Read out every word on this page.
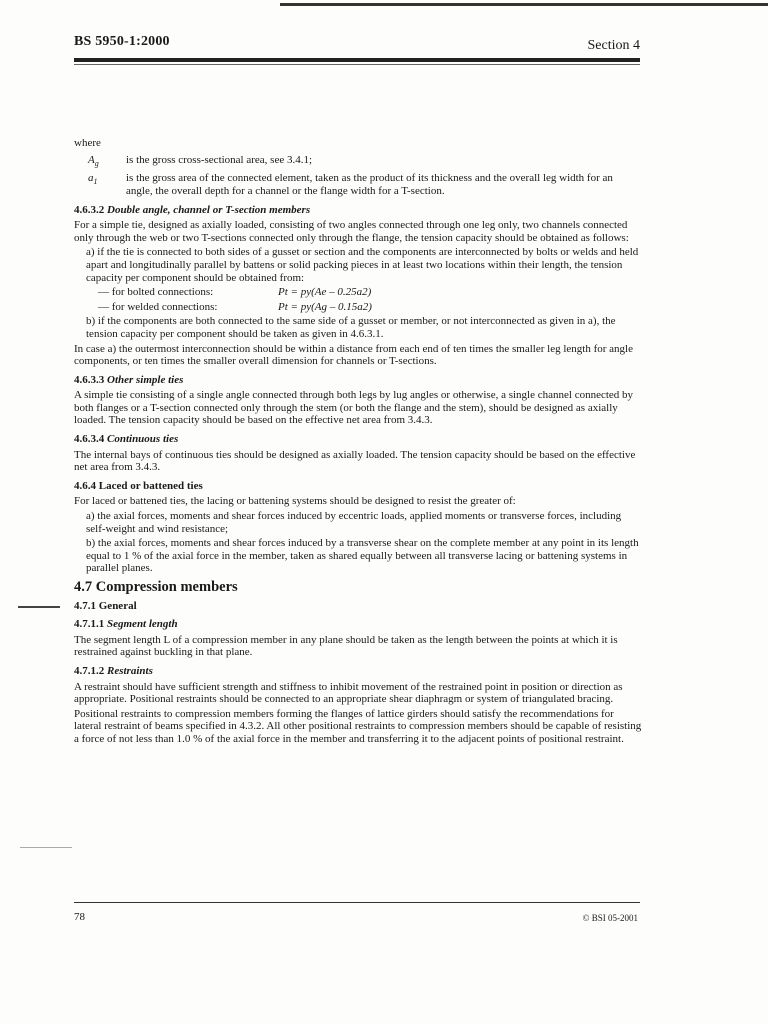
BS 5950-1:2000	Section 4

where

$A_g$	is the gross cross-sectional area, see 3.4.1;
$a_1$	is the gross area of the connected element, taken as the product of its thickness and the overall leg width for an angle, the overall depth for a channel or the flange width for a T-section.
4.6.3.2 Double angle, channel or T-section members

For a simple tie, designed as axially loaded, consisting of two angles connected through one leg only, two channels connected only through the web or two T-sections connected only through the flange, the tension capacity should be obtained as follows:

a) if the tie is connected to both sides of a gusset or section and the components are interconnected by bolts or welds and held apart and longitudinally parallel by battens or solid packing pieces in at least two locations within their length, the tension capacity per component should be obtained from:

— for bolted connections:	Pt = py(Ae – 0.25a2)
— for welded connections:	Pt = py(Ag – 0.15a2)

b) if the components are both connected to the same side of a gusset or member, or not interconnected as given in a), the tension capacity per component should be taken as given in 4.6.3.1.

In case a) the outermost interconnection should be within a distance from each end of ten times the smaller leg length for angle components, or ten times the smaller overall dimension for channels or T-sections.

4.6.3.3 Other simple ties

A simple tie consisting of a single angle connected through both legs by lug angles or otherwise, a single channel connected by both flanges or a T-section connected only through the stem (or both the flange and the stem), should be designed as axially loaded. The tension capacity should be based on the effective net area from 3.4.3.

4.6.3.4 Continuous ties

The internal bays of continuous ties should be designed as axially loaded. The tension capacity should be based on the effective net area from 3.4.3.

4.6.4 Laced or battened ties

For laced or battened ties, the lacing or battening systems should be designed to resist the greater of:

a) the axial forces, moments and shear forces induced by eccentric loads, applied moments or transverse forces, including self-weight and wind resistance;

b) the axial forces, moments and shear forces induced by a transverse shear on the complete member at any point in its length equal to 1 % of the axial force in the member, taken as shared equally between all transverse lacing or battening systems in parallel planes.

4.7 Compression members
4.7.1 General
4.7.1.1 Segment length

The segment length L of a compression member in any plane should be taken as the length between the points at which it is restrained against buckling in that plane.

4.7.1.2 Restraints

A restraint should have sufficient strength and stiffness to inhibit movement of the restrained point in position or direction as appropriate. Positional restraints should be connected to an appropriate shear diaphragm or system of triangulated bracing.

Positional restraints to compression members forming the flanges of lattice girders should satisfy the recommendations for lateral restraint of beams specified in 4.3.2. All other positional restraints to compression members should be capable of resisting a force of not less than 1.0 % of the axial force in the member and transferring it to the adjacent points of positional restraint.

78	© BSI 05-2001
